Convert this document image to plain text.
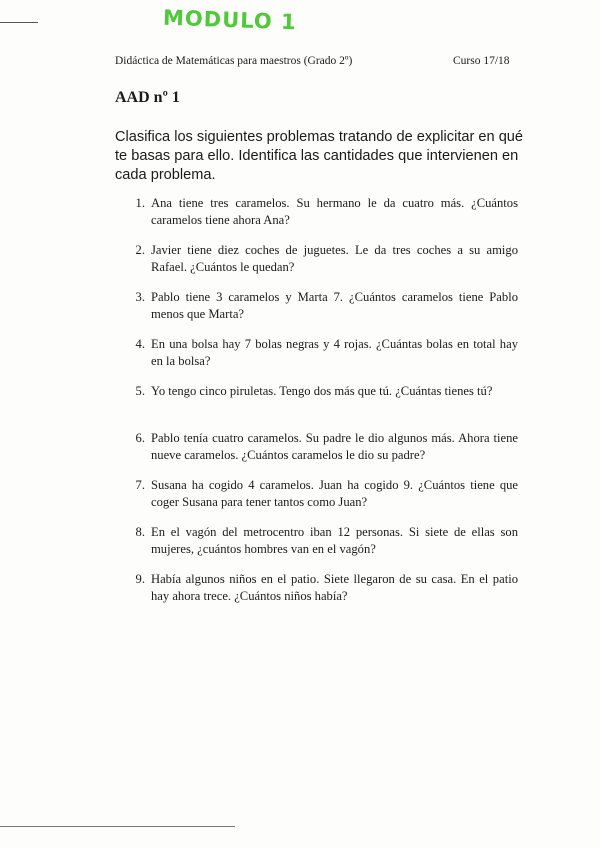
MODULO 1
Didáctica de Matemáticas para maestros (Grado 2º)	Curso 17/18
AAD nº 1
Clasifica los siguientes problemas tratando de explicitar en qué te basas para ello. Identifica las cantidades que intervienen en cada problema.
1. Ana tiene tres caramelos. Su hermano le da cuatro más. ¿Cuántos caramelos tiene ahora Ana?
2. Javier tiene diez coches de juguetes. Le da tres coches a su amigo Rafael. ¿Cuántos le quedan?
3. Pablo tiene 3 caramelos y Marta 7. ¿Cuántos caramelos tiene Pablo menos que Marta?
4. En una bolsa hay 7 bolas negras y 4 rojas. ¿Cuántas bolas en total hay en la bolsa?
5. Yo tengo cinco piruletas. Tengo dos más que tú. ¿Cuántas tienes tú?
6. Pablo tenía cuatro caramelos. Su padre le dio algunos más. Ahora tiene nueve caramelos. ¿Cuántos caramelos le dio su padre?
7. Susana ha cogido 4 caramelos. Juan ha cogido 9. ¿Cuántos tiene que coger Susana para tener tantos como Juan?
8. En el vagón del metrocentro iban 12 personas. Si siete de ellas son mujeres, ¿cuántos hombres van en el vagón?
9. Había algunos niños en el patio. Siete llegaron de su casa. En el patio hay ahora trece. ¿Cuántos niños había?
